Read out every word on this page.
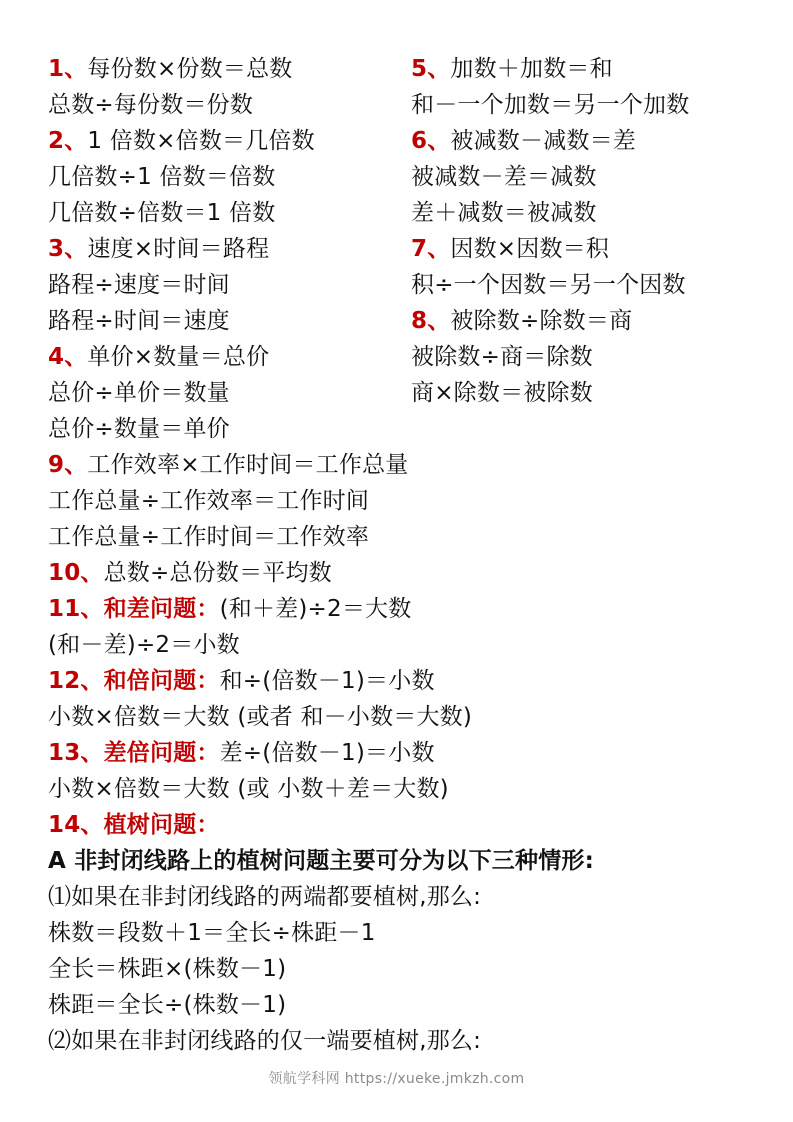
1、每份数×份数＝总数
总数÷每份数＝份数
2、1 倍数×倍数＝几倍数
几倍数÷1 倍数＝倍数
几倍数÷倍数＝1 倍数
3、速度×时间＝路程
路程÷速度＝时间
路程÷时间＝速度
4、单价×数量＝总价
总价÷单价＝数量
总价÷数量＝单价
5、加数＋加数＝和
和－一个加数＝另一个加数
6、被减数－减数＝差
被减数－差＝减数
差＋减数＝被减数
7、因数×因数＝积
积÷一个因数＝另一个因数
8、被除数÷除数＝商
被除数÷商＝除数
商×除数＝被除数
9、工作效率×工作时间＝工作总量
工作总量÷工作效率＝工作时间
工作总量÷工作时间＝工作效率
10、总数÷总份数＝平均数
11、和差问题：(和＋差)÷2＝大数
(和－差)÷2＝小数
12、和倍问题：和÷(倍数－1)＝小数
小数×倍数＝大数 (或者 和－小数＝大数)
13、差倍问题：差÷(倍数－1)＝小数
小数×倍数＝大数 (或 小数＋差＝大数)
14、植树问题：
A 非封闭线路上的植树问题主要可分为以下三种情形:
⑴如果在非封闭线路的两端都要植树,那么:
株数＝段数＋1＝全长÷株距－1
全长＝株距×(株数－1)
株距＝全长÷(株数－1)
⑵如果在非封闭线路的仅一端要植树,那么:
领航学科网 https://xueke.jmkzh.com
